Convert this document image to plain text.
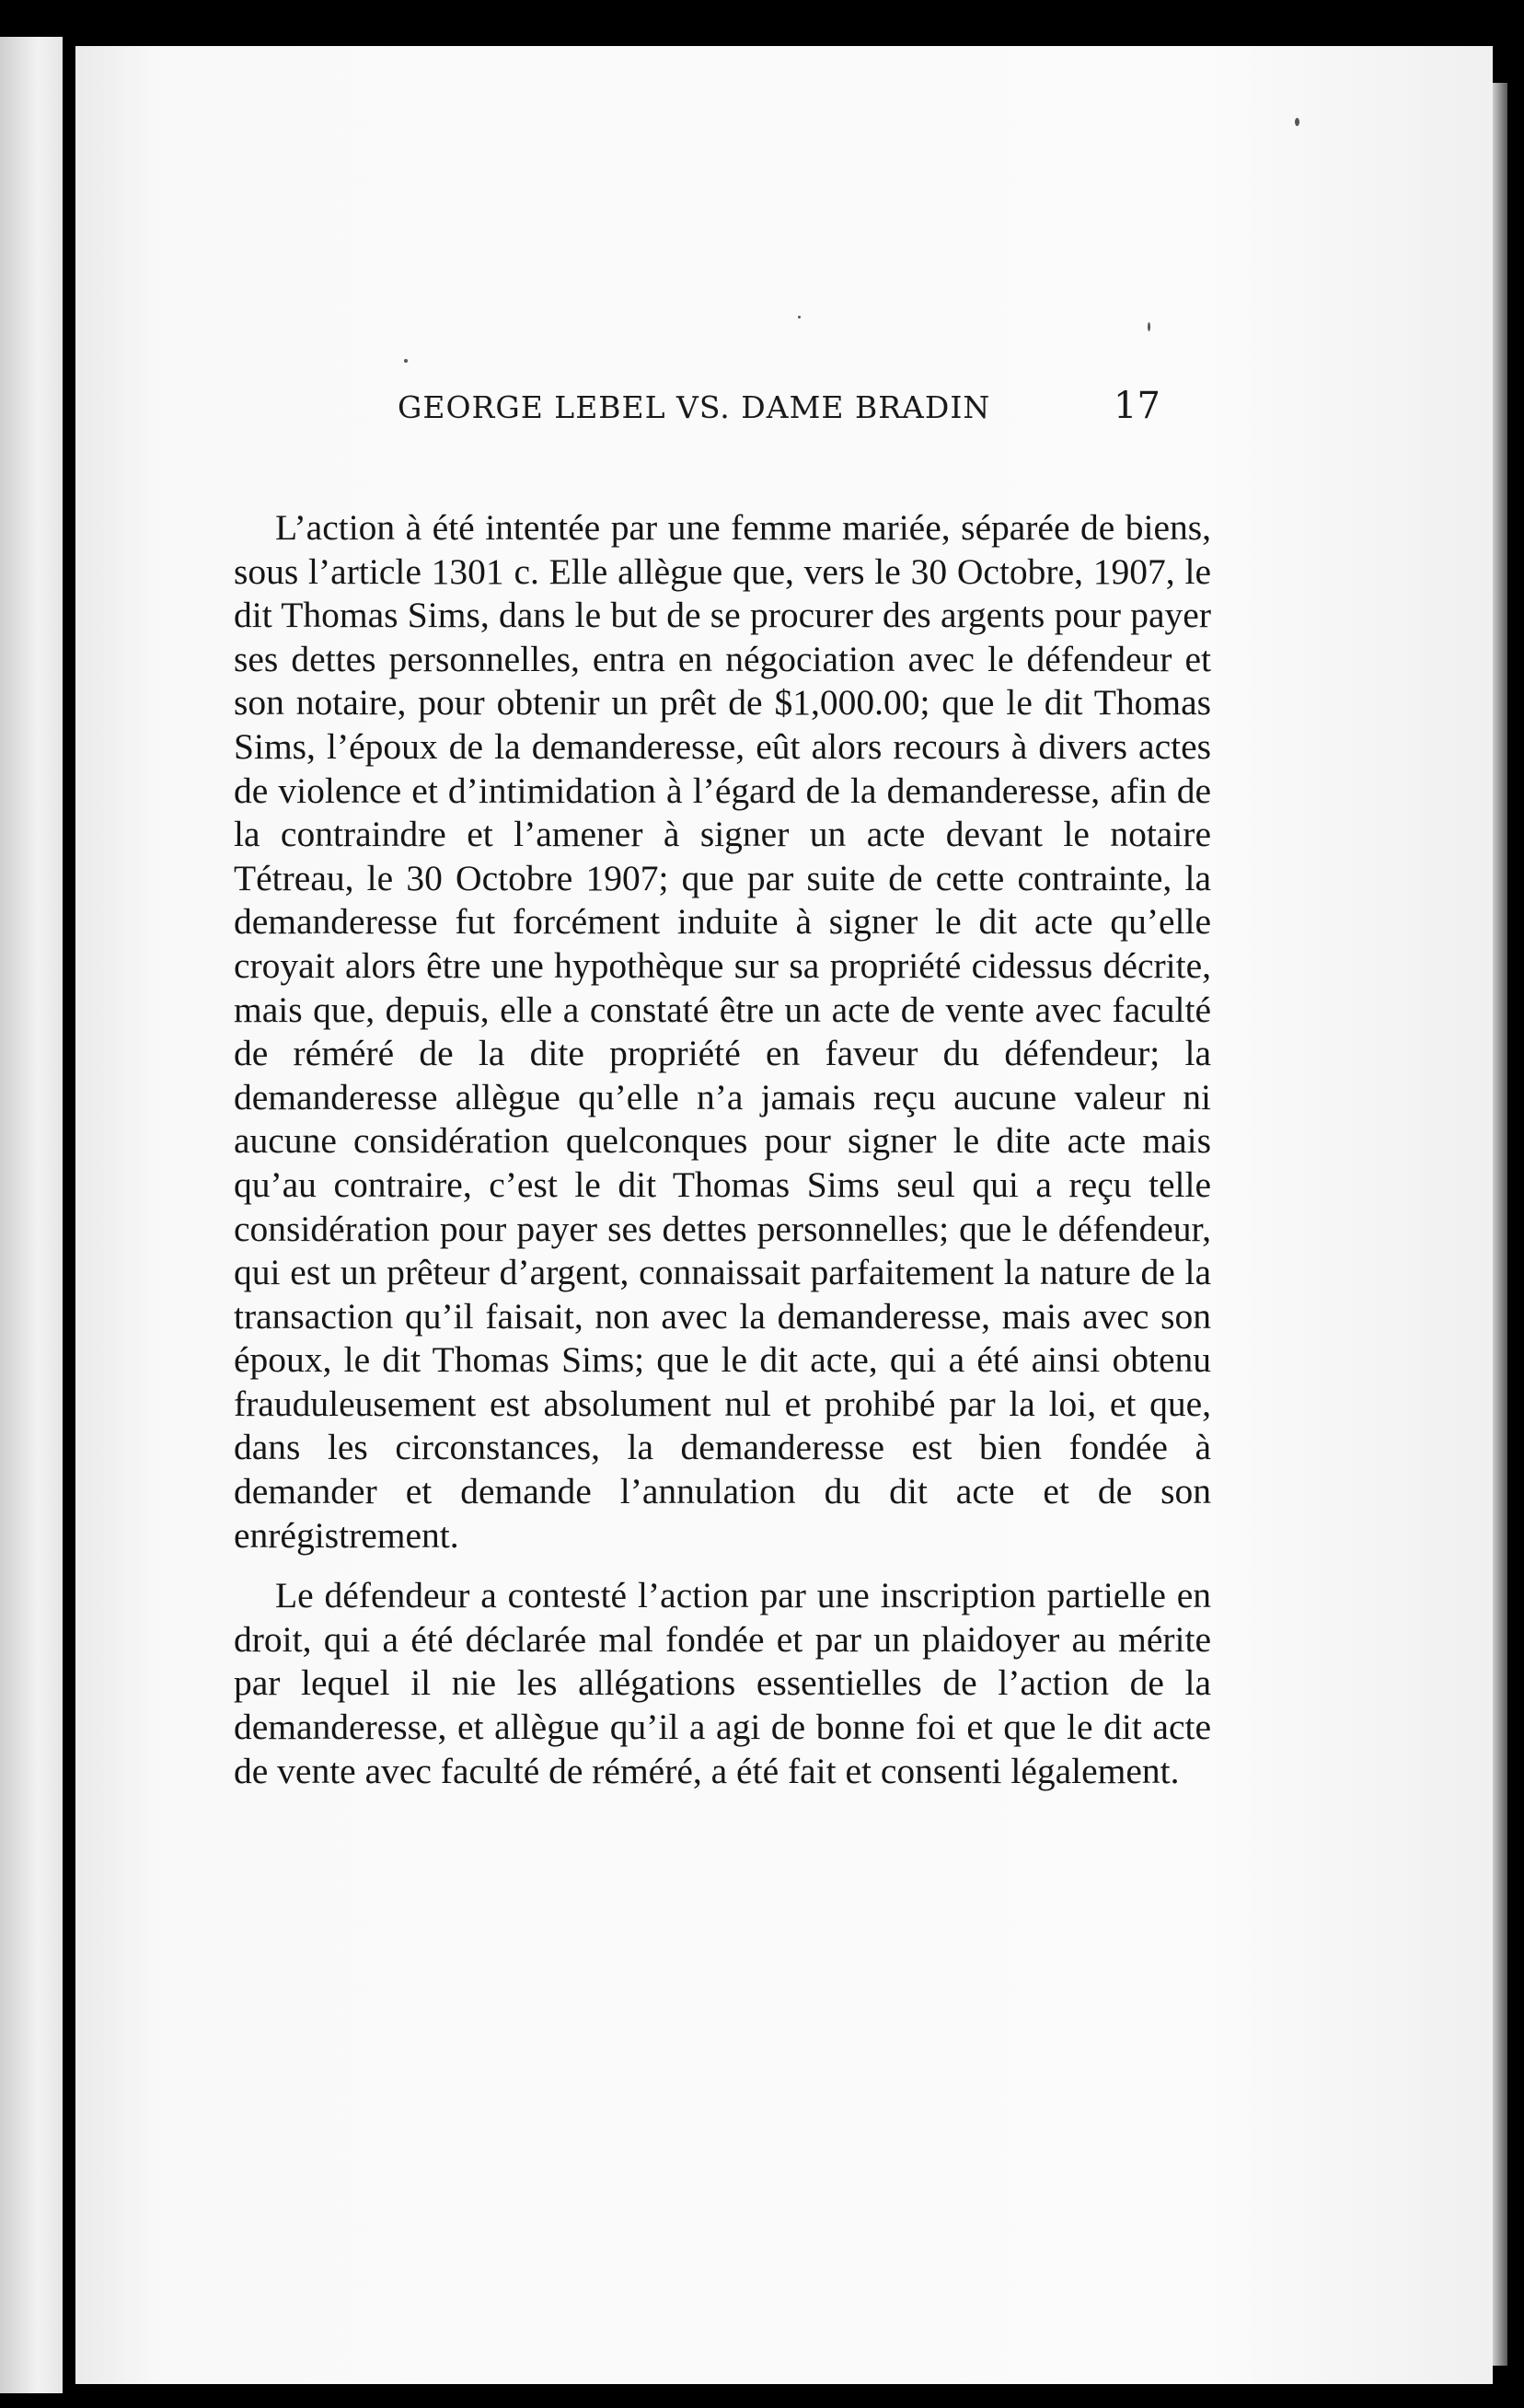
GEORGE LEBEL VS. DAME BRADIN	17

L’action à été intentée par une femme mariée, séparée de biens, sous l’article 1301 c. Elle allègue que, vers le 30 Octobre, 1907, le dit Thomas Sims, dans le but de se procurer des argents pour payer ses dettes personnelles, entra en négociation avec le défendeur et son notaire, pour obtenir un prêt de $1,000.00; que le dit Thomas Sims, l’époux de la demanderesse, eût alors recours à divers actes de violence et d’intimidation à l’égard de la demanderesse, afin de la contraindre et l’amener à signer un acte devant le notaire Tétreau, le 30 Octobre 1907; que par suite de cette contrainte, la demanderesse fut forcément induite à signer le dit acte qu’elle croyait alors être une hypothèque sur sa propriété cidessus décrite, mais que, depuis, elle a constaté être un acte de vente avec faculté de réméré de la dite propriété en faveur du défendeur; la demanderesse allègue qu’elle n’a jamais reçu aucune valeur ni aucune considération quelconques pour signer le dite acte mais qu’au contraire, c’est le dit Thomas Sims seul qui a reçu telle considération pour payer ses dettes personnelles; que le défendeur, qui est un prêteur d’argent, connaissait parfaitement la nature de la transaction qu’il faisait, non avec la demanderesse, mais avec son époux, le dit Thomas Sims; que le dit acte, qui a été ainsi obtenu frauduleusement est absolument nul et prohibé par la loi, et que, dans les circonstances, la demanderesse est bien fondée à demander et demande l’annulation du dit acte et de son enrégistrement.

Le défendeur a contesté l’action par une inscription partielle en droit, qui a été déclarée mal fondée et par un plaidoyer au mérite par lequel il nie les allégations essentielles de l’action de la demanderesse, et allègue qu’il a agi de bonne foi et que le dit acte de vente avec faculté de réméré, a été fait et consenti légalement.
